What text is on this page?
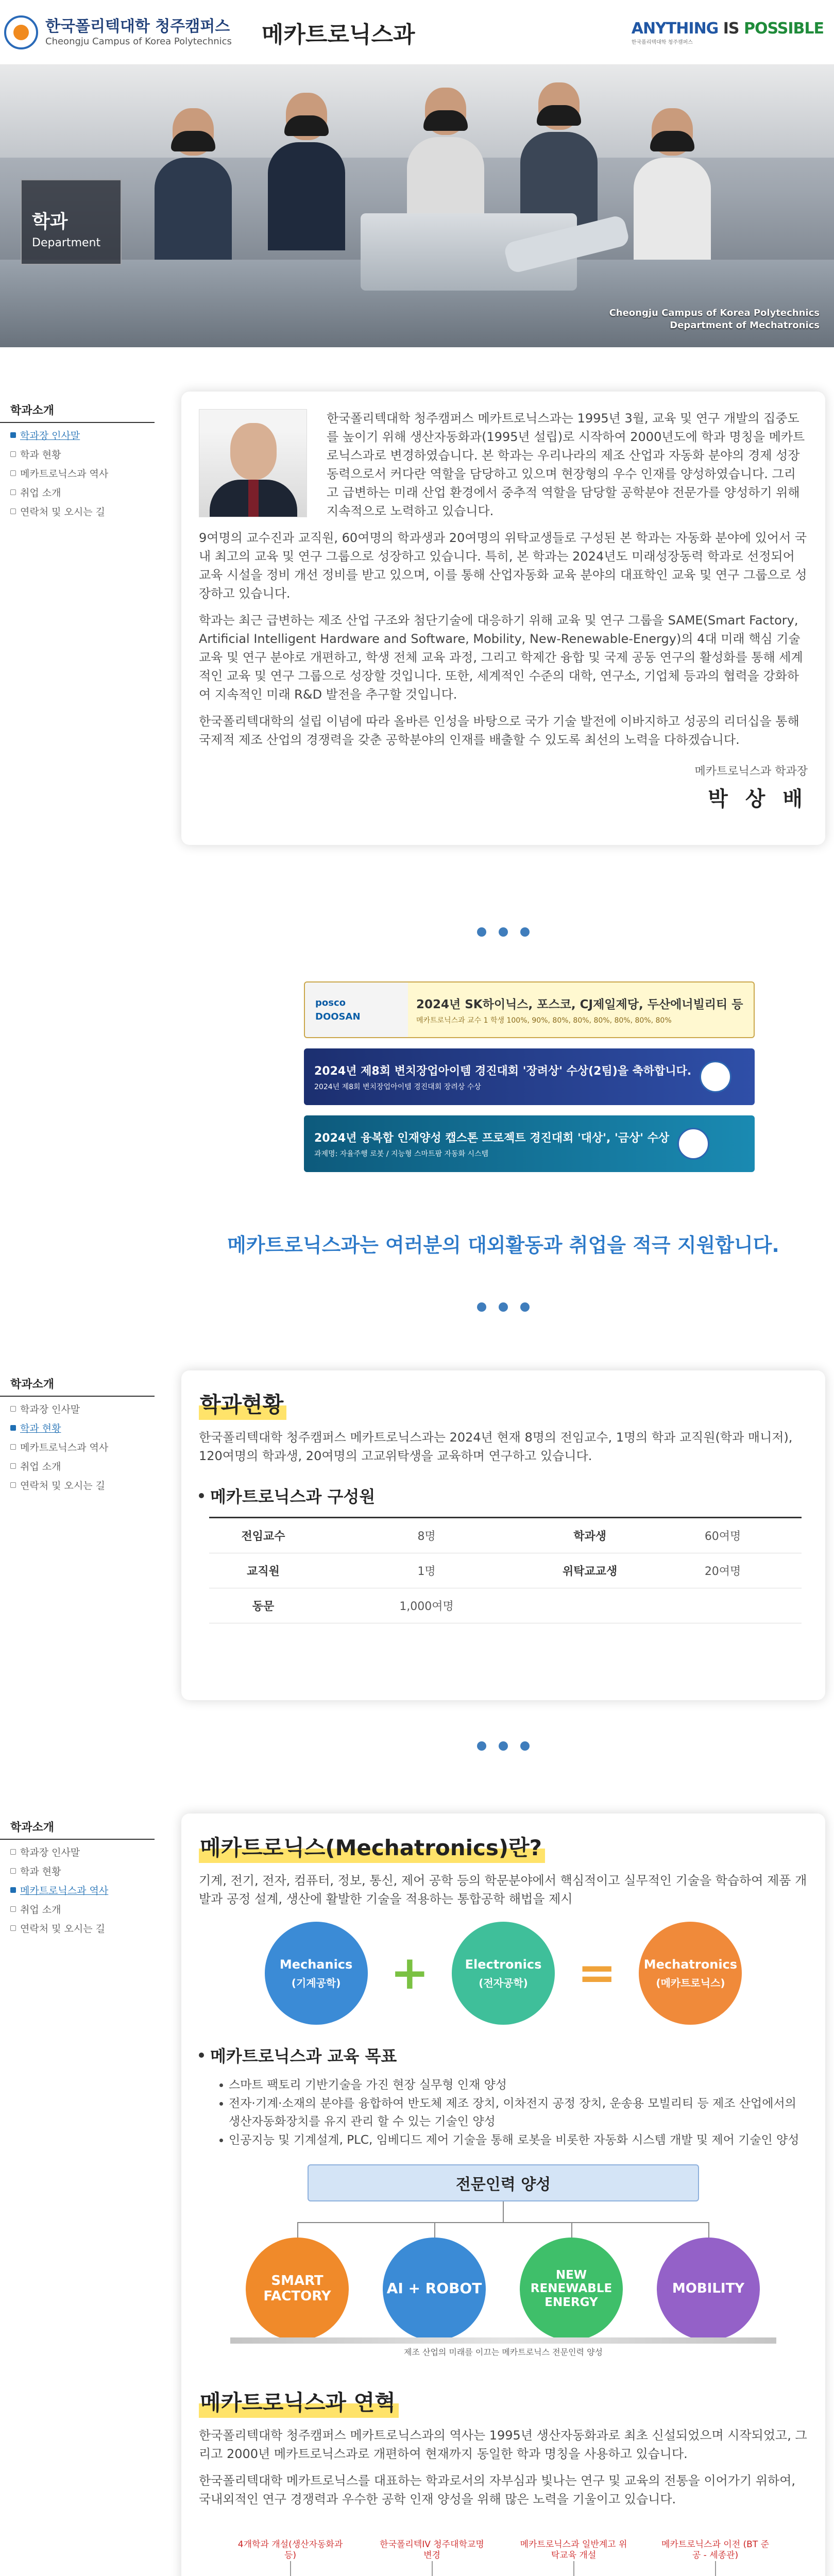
한국폴리텍대학 청주캠퍼스
Cheongju Campus of Korea Polytechnics 메카트로닉스과	ANYTHING IS POSSIBLE
한국폴리텍대학 청주캠퍼스
학과
Department
Cheongju Campus of Korea Polytechnics
Department of Mechatronics
학과소개
학과장 인사말
학과 현황
메카트로닉스과 역사
취업 소개
연락처 및 오시는 길

한국폴리텍대학 청주캠퍼스 메카트로닉스과는 1995년 3월, 교육 및 연구 개발의 집중도를 높이기 위해 생산자동화과(1995년 설립)로 시작하여 2000년도에 학과 명칭을 메카트로닉스과로 변경하였습니다. 본 학과는 우리나라의 제조 산업과 자동화 분야의 경제 성장 동력으로서 커다란 역할을 담당하고 있으며 현장형의 우수 인재를 양성하였습니다. 그리고 급변하는 미래 산업 환경에서 중추적 역할을 담당할 공학분야 전문가를 양성하기 위해 지속적으로 노력하고 있습니다.

9여명의 교수진과 교직원, 60여명의 학과생과 20여명의 위탁교생들로 구성된 본 학과는 자동화 분야에 있어서 국내 최고의 교육 및 연구 그룹으로 성장하고 있습니다. 특히, 본 학과는 2024년도 미래성장동력 학과로 선정되어 교육 시설을 정비 개선 정비를 받고 있으며, 이를 통해 산업자동화 교육 분야의 대표학인 교육 및 연구 그룹으로 성장하고 있습니다.

학과는 최근 급변하는 제조 산업 구조와 첨단기술에 대응하기 위해 교육 및 연구 그룹을 SAME(Smart Factory, Artificial Intelligent Hardware and Software, Mobility, New-Renewable-Energy)의 4대 미래 핵심 기술 교육 및 연구 분야로 개편하고, 학생 전체 교육 과정, 그리고 학제간 융합 및 국제 공동 연구의 활성화를 통해 세계적인 교육 및 연구 그룹으로 성장할 것입니다. 또한, 세계적인 수준의 대학, 연구소, 기업체 등과의 협력을 강화하여 지속적인 미래 R&D 발전을 추구할 것입니다.

한국폴리텍대학의 설립 이념에 따라 올바른 인성을 바탕으로 국가 기술 발전에 이바지하고 성공의 리더십을 통해 국제적 제조 산업의 경쟁력을 갖춘 공학분야의 인재를 배출할 수 있도록 최선의 노력을 다하겠습니다.

메카트로닉스과 학과장
박 상 배
posco
DOOSAN
2024년 SK하이닉스, 포스코, CJ제일제당, 두산에너빌리티 등
메카트로닉스과 교수 1 학생 100%, 90%, 80%, 80%, 80%, 80%, 80%, 80%
2024년 제8회 변치장업아이템 경진대회 '장려상' 수상(2팀)을 축하합니다.
2024년 제8회 변치장업아이템 경진대회 장려상 수상
2024년 융복합 인재양성 캡스톤 프로젝트 경진대회 '대상', '금상' 수상
과제명: 자율주행 로봇 / 지능형 스마트팜 자동화 시스템
메카트로닉스과는 여러분의 대외활동과 취업을 적극 지원합니다.
학과소개
학과장 인사말
학과 현황
메카트로닉스과 역사
취업 소개
연락처 및 오시는 길
학과현황

한국폴리텍대학 청주캠퍼스 메카트로닉스과는 2024년 현재 8명의 전임교수, 1명의 학과 교직원(학과 매니저), 120여명의 학과생, 20여명의 고교위탁생을 교육하며 연구하고 있습니다.

메카트로닉스과 구성원
전임교수	8명	학과생	60여명
교직원	1명	위탁교교생	20여명
동문	1,000여명		
학과소개
학과장 인사말
학과 현황
메카트로닉스과 역사
취업 소개
연락처 및 오시는 길
메카트로닉스(Mechatronics)란?

기계, 전기, 전자, 컴퓨터, 정보, 통신, 제어 공학 등의 학문분야에서 핵심적이고 실무적인 기술을 학습하여 제품 개발과 공정 설계, 생산에 활발한 기술을 적용하는 통합공학 해법을 제시

Mechanics
(기계공학) +	Electronics
(전자공학) = Mechatronics
(메카트로닉스)
메카트로닉스과 교육 목표
스마트 팩토리 기반기술을 가진 현장 실무형 인재 양성
전자·기계·소재의 분야를 융합하여 반도체 제조 장치, 이차전지 공정 장치, 운송용 모빌리티 등 제조 산업에서의 생산자동화장치를 유지 관리 할 수 있는 기술인 양성
인공지능 및 기계설계, PLC, 임베디드 제어 기술을 통해 로봇을 비롯한 자동화 시스템 개발 및 제어 기술인 양성
전문인력 양성
SMART FACTORY	AI + ROBOT
NEW RENEWABLE ENERGY
MOBILITY
제조 산업의 미래를 이끄는 메카트로닉스 전문인력 양성
메카트로닉스과 연혁

한국폴리텍대학 청주캠퍼스 메카트로닉스과의 역사는 1995년 생산자동화과로 최초 신설되었으며 시작되었고, 그리고 2000년 메카트로닉스과로 개편하여 현재까지 동일한 학과 명칭을 사용하고 있습니다.

한국폴리텍대학 메카트로닉스를 대표하는 학과로서의 자부심과 빛나는 연구 및 교육의 전통을 이어가기 위하여, 국내외적인 연구 경쟁력과 우수한 공학 인재 양성을 위해 많은 노력을 기울이고 있습니다.

4개학과 개설(생산자동화과 등)
한국폴리텍IV 청주대학교명 변경
메카트로닉스과 일반계고 위탁교육 개설
메카트로닉스과 이전 (BT 준공 - 세종관)
